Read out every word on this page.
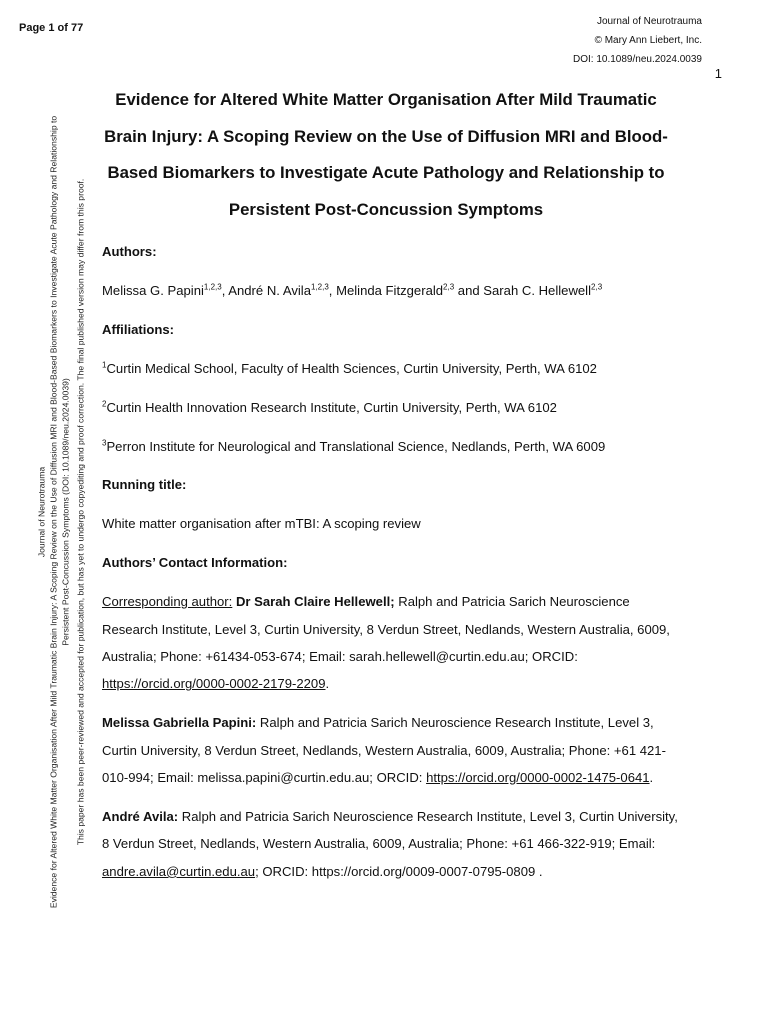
Page 1 of 77
Journal of Neurotrauma
© Mary Ann Liebert, Inc.
DOI: 10.1089/neu.2024.0039
1
Journal of Neurotrauma Evidence for Altered White Matter Organisation After Mild Traumatic Brain Injury: A Scoping Review on the Use of Diffusion MRI and Blood-Based Biomarkers to Investigate Acute Pathology and Relationship to Persistent Post-Concussion Symptoms (DOI: 10.1089/neu.2024.0039) This paper has been peer-reviewed and accepted for publication, but has yet to undergo copyediting and proof correction. The final published version may differ from this proof.
Evidence for Altered White Matter Organisation After Mild Traumatic Brain Injury: A Scoping Review on the Use of Diffusion MRI and Blood-Based Biomarkers to Investigate Acute Pathology and Relationship to Persistent Post-Concussion Symptoms

Authors:

Melissa G. Papini$^{1,2,3}$, André N. Avila$^{1,2,3}$, Melinda Fitzgerald$^{2,3}$ and Sarah C. Hellewell$^{2,3}$

Affiliations:

$^1$Curtin Medical School, Faculty of Health Sciences, Curtin University, Perth, WA 6102

$^2$Curtin Health Innovation Research Institute, Curtin University, Perth, WA 6102

$^3$Perron Institute for Neurological and Translational Science, Nedlands, Perth, WA 6009

Running title:

White matter organisation after mTBI: A scoping review

Authors’ Contact Information:

Corresponding author: Dr Sarah Claire Hellewell; Ralph and Patricia Sarich Neuroscience Research Institute, Level 3, Curtin University, 8 Verdun Street, Nedlands, Western Australia, 6009, Australia; Phone: +61434-053-674; Email: sarah.hellewell@curtin.edu.au; ORCID: https://orcid.org/0000-0002-2179-2209.

Melissa Gabriella Papini: Ralph and Patricia Sarich Neuroscience Research Institute, Level 3, Curtin University, 8 Verdun Street, Nedlands, Western Australia, 6009, Australia; Phone: +61 421-010-994; Email: melissa.papini@curtin.edu.au; ORCID: https://orcid.org/0000-0002-1475-0641.

André Avila: Ralph and Patricia Sarich Neuroscience Research Institute, Level 3, Curtin University, 8 Verdun Street, Nedlands, Western Australia, 6009, Australia; Phone: +61 466-322-919; Email: andre.avila@curtin.edu.au; ORCID: https://orcid.org/0009-0007-0795-0809 .
